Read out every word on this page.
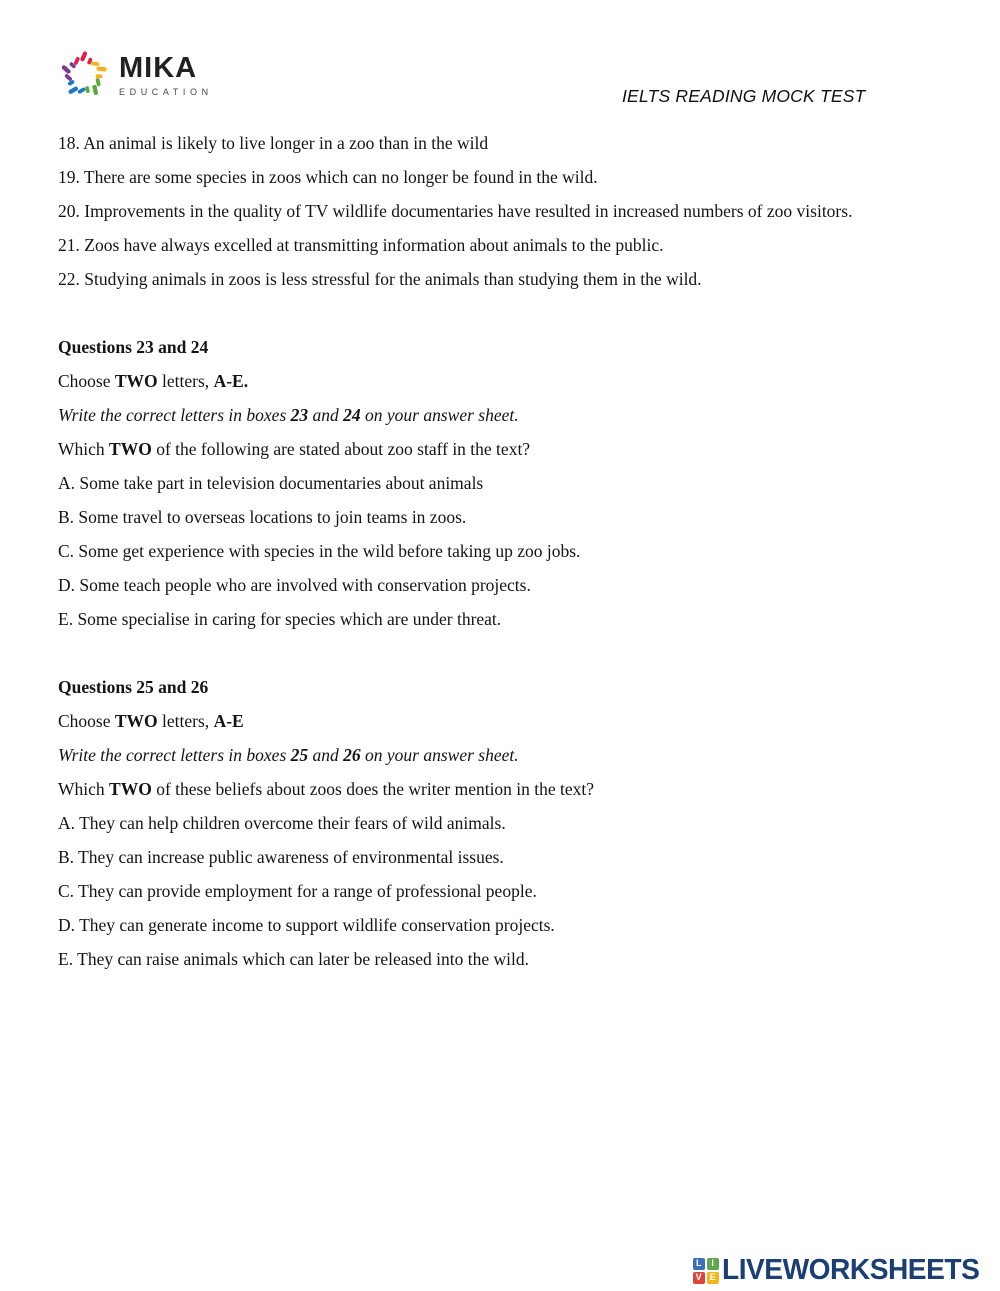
MIKA
EDUCATION	IELTS READING MOCK TEST

18. An animal is likely to live longer in a zoo than in the wild

19. There are some species in zoos which can no longer be found in the wild.

20. Improvements in the quality of TV wildlife documentaries have resulted in increased numbers of zoo visitors.

21. Zoos have always excelled at transmitting information about animals to the public.

22. Studying animals in zoos is less stressful for the animals than studying them in the wild.

Questions 23 and 24

Choose TWO letters, A-E.

Write the correct letters in boxes 23 and 24 on your answer sheet.

Which TWO of the following are stated about zoo staff in the text?

A. Some take part in television documentaries about animals

B. Some travel to overseas locations to join teams in zoos.

C. Some get experience with species in the wild before taking up zoo jobs.

D. Some teach people who are involved with conservation projects.

E. Some specialise in caring for species which are under threat.

Questions 25 and 26

Choose TWO letters, A-E

Write the correct letters in boxes 25 and 26 on your answer sheet.

Which TWO of these beliefs about zoos does the writer mention in the text?

A. They can help children overcome their fears of wild animals.

B. They can increase public awareness of environmental issues.

C. They can provide employment for a range of professional people.

D. They can generate income to support wildlife conservation projects.

E. They can raise animals which can later be released into the wild.

L	I
V E LIVEWORKSHEETS
